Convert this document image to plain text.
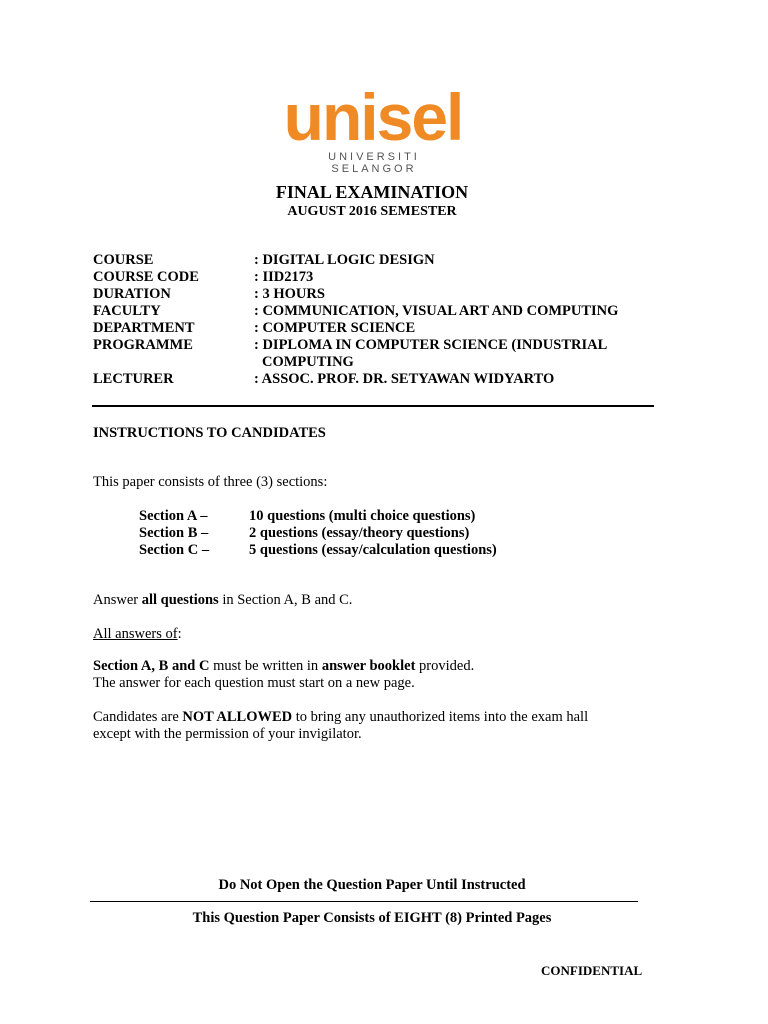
unisel
UNIVERSITI SELANGOR
FINAL EXAMINATION
AUGUST 2016 SEMESTER
COURSE	: DIGITAL LOGIC DESIGN
COURSE CODE	: IID2173
DURATION	: 3 HOURS
FACULTY	: COMMUNICATION, VISUAL ART AND COMPUTING
DEPARTMENT	: COMPUTER SCIENCE
PROGRAMME	: DIPLOMA IN COMPUTER SCIENCE (INDUSTRIAL COMPUTING
LECTURER	: ASSOC. PROF. DR. SETYAWAN WIDYARTO
INSTRUCTIONS TO CANDIDATES
This paper consists of three (3) sections:
Section A –	10 questions (multi choice questions)
Section B –	2 questions (essay/theory questions)
Section C –	5 questions (essay/calculation questions)
Answer all questions in Section A, B and C.
All answers of:
Section A, B and C must be written in answer booklet provided.
The answer for each question must start on a new page.
Candidates are NOT ALLOWED to bring any unauthorized items into the exam hall
except with the permission of your invigilator.
Do Not Open the Question Paper Until Instructed
This Question Paper Consists of EIGHT (8) Printed Pages
CONFIDENTIAL
